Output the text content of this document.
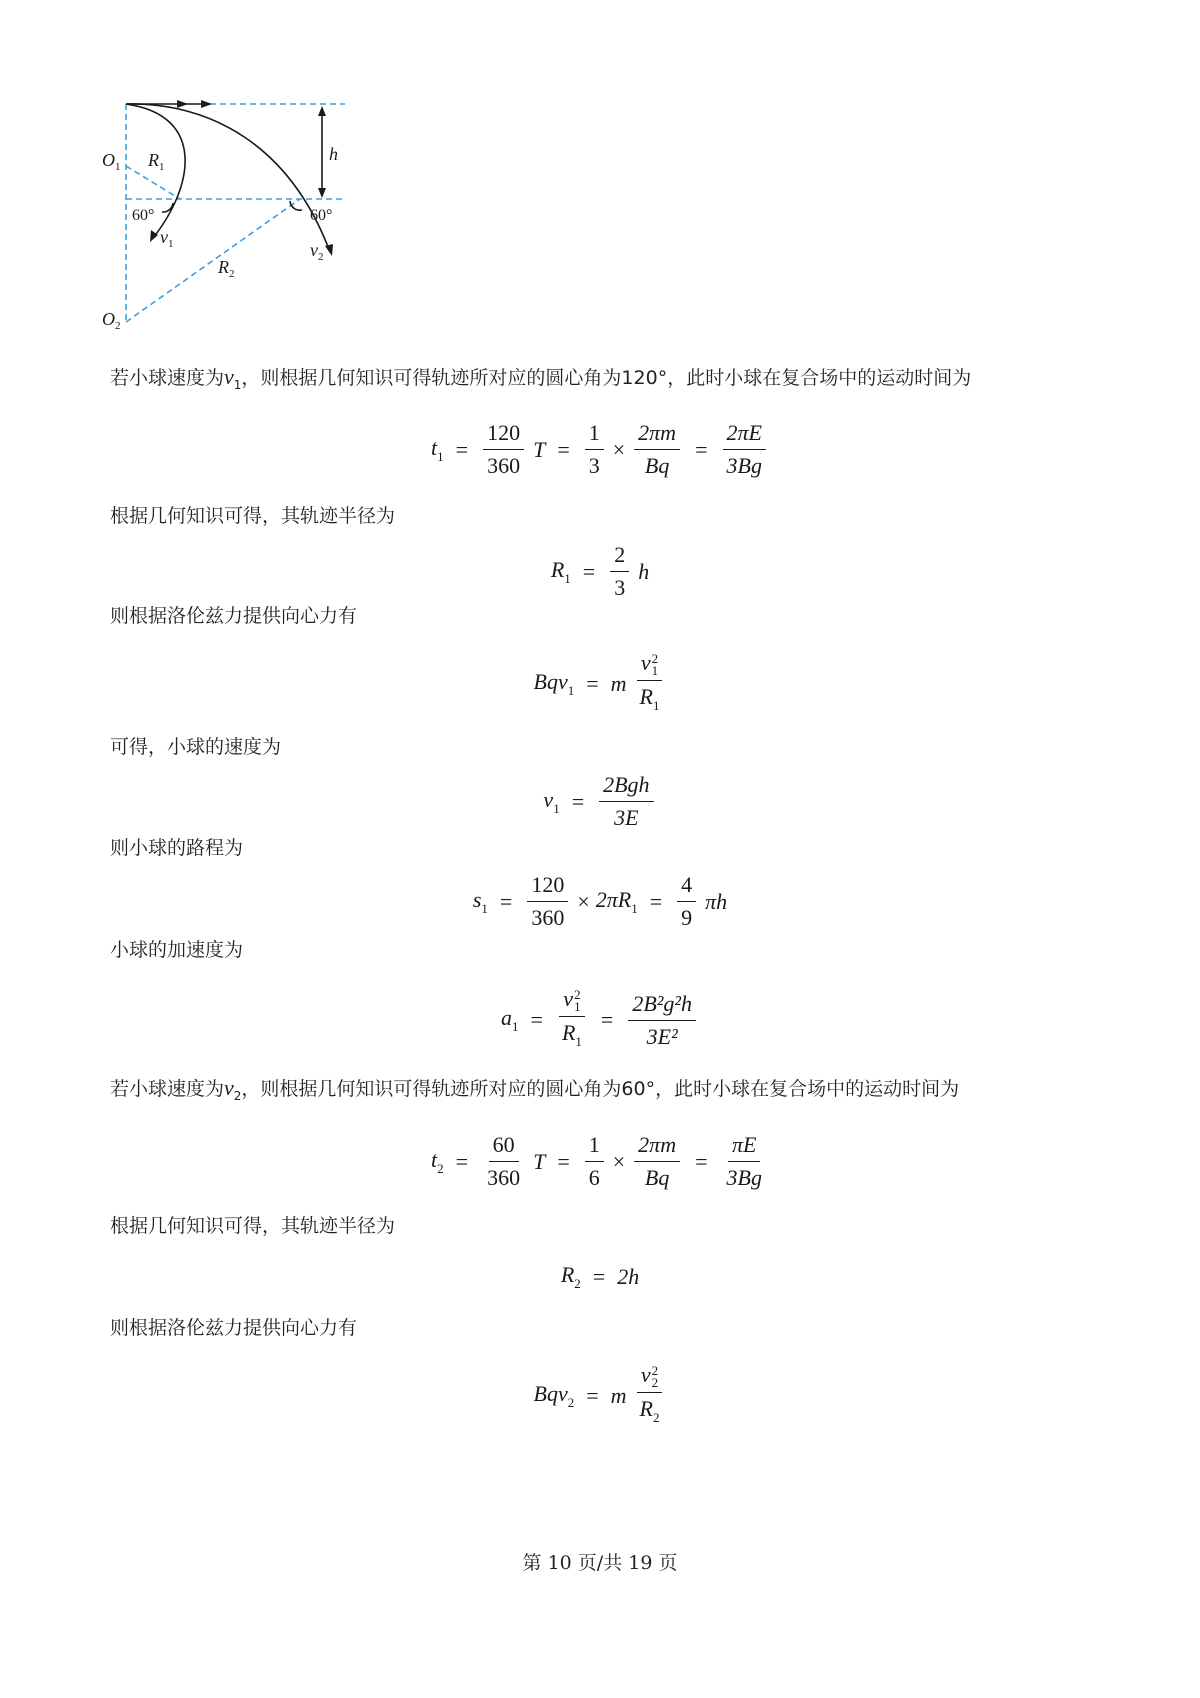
$O_1$ $R_1$
h
60°	60°
$v_1$	$v_2$
$R_2$
$O_2$
若小球速度为$v_1$，则根据几何知识可得轨迹所对应的圆心角为120°，此时小球在复合场中的运动时间为
$t_1 = \frac{120}{360}$ $T = \frac{1}{3} \times \frac{2\pi m}{Bq} = \frac{2\pi E}{3Bg}$
根据几何知识可得，其轨迹半径为
$R_1 = \frac{2}{3}$ h
则根据洛伦兹力提供向心力有
Bqv$_1$ = m v 2
1
$R_1$
可得，小球的速度为
$v_1 = \frac{\text{2Bgh}}{3E}$
则小球的路程为
$s_1 = \frac{120}{360} \times 2\pi R_1 = \frac{4}{9}$ πh
小球的加速度为
$a_1 = v$ 2
1
$R_1 = \frac{\text{2B²g²h}}{\text{3E²}}$
若小球速度为$v_2$，则根据几何知识可得轨迹所对应的圆心角为60°，此时小球在复合场中的运动时间为
$t_2 = \frac{60}{360}$ $T = \frac{1}{6} \times \frac{2\pi m}{Bq} = \frac{\pi E}{3Bg}$
根据几何知识可得，其轨迹半径为
$R_2 = 2h$
则根据洛伦兹力提供向心力有
Bqv$_2$ = m v 2
2
$R_2$
第 10 页/共 19 页
